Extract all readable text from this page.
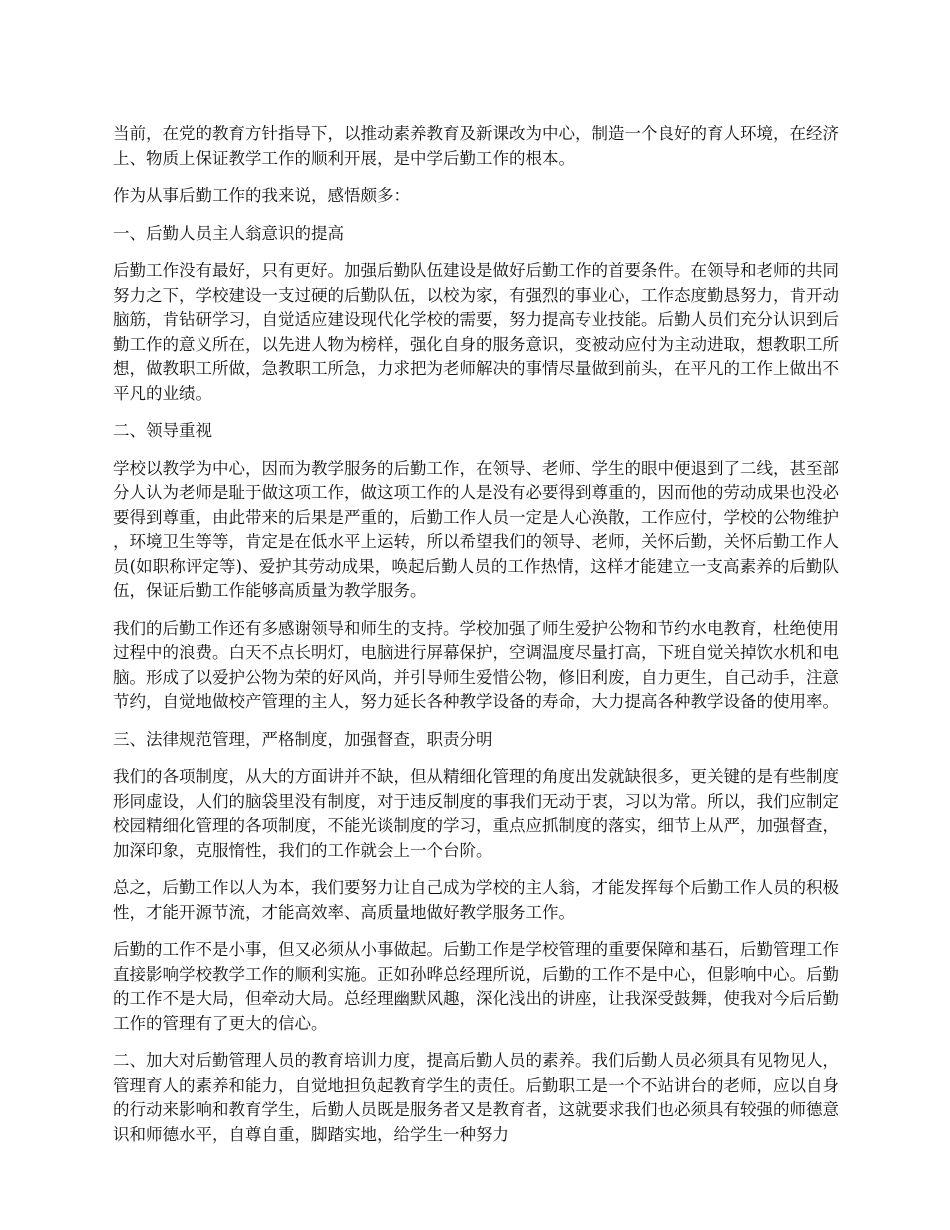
当前，在党的教育方针指导下，以推动素养教育及新课改为中心，制造一个良好的育人环境，在经济上、物质上保证教学工作的顺利开展，是中学后勤工作的根本。

作为从事后勤工作的我来说，感悟颇多：

一、后勤人员主人翁意识的提高

后勤工作没有最好，只有更好。加强后勤队伍建设是做好后勤工作的首要条件。在领导和老师的共同努力之下，学校建设一支过硬的后勤队伍，以校为家，有强烈的事业心，工作态度勤恳努力，肯开动脑筋，肯钻研学习，自觉适应建设现代化学校的需要，努力提高专业技能。后勤人员们充分认识到后勤工作的意义所在，以先进人物为榜样，强化自身的服务意识，变被动应付为主动进取，想教职工所想，做教职工所做，急教职工所急，力求把为老师解决的事情尽量做到前头，在平凡的工作上做出不平凡的业绩。

二、领导重视

学校以教学为中心，因而为教学服务的后勤工作，在领导、老师、学生的眼中便退到了二线，甚至部分人认为老师是耻于做这项工作，做这项工作的人是没有必要得到尊重的，因而他的劳动成果也没必要得到尊重，由此带来的后果是严重的，后勤工作人员一定是人心涣散，工作应付，学校的公物维护，环境卫生等等，肯定是在低水平上运转，所以希望我们的领导、老师，关怀后勤，关怀后勤工作人员(如职称评定等)、爱护其劳动成果，唤起后勤人员的工作热情，这样才能建立一支高素养的后勤队伍，保证后勤工作能够高质量为教学服务。

我们的后勤工作还有多感谢领导和师生的支持。学校加强了师生爱护公物和节约水电教育，杜绝使用过程中的浪费。白天不点长明灯，电脑进行屏幕保护，空调温度尽量打高，下班自觉关掉饮水机和电脑。形成了以爱护公物为荣的好风尚，并引导师生爱惜公物，修旧利废，自力更生，自己动手，注意节约，自觉地做校产管理的主人，努力延长各种教学设备的寿命，大力提高各种教学设备的使用率。

三、法律规范管理，严格制度，加强督查，职责分明

我们的各项制度，从大的方面讲并不缺，但从精细化管理的角度出发就缺很多，更关键的是有些制度形同虚设，人们的脑袋里没有制度，对于违反制度的事我们无动于衷，习以为常。所以，我们应制定校园精细化管理的各项制度，不能光谈制度的学习，重点应抓制度的落实，细节上从严，加强督查，加深印象，克服惰性，我们的工作就会上一个台阶。

总之，后勤工作以人为本，我们要努力让自己成为学校的主人翁，才能发挥每个后勤工作人员的积极性，才能开源节流，才能高效率、高质量地做好教学服务工作。

后勤的工作不是小事，但又必须从小事做起。后勤工作是学校管理的重要保障和基石，后勤管理工作直接影响学校教学工作的顺利实施。正如孙晔总经理所说，后勤的工作不是中心，但影响中心。后勤的工作不是大局，但牵动大局。总经理幽默风趣，深化浅出的讲座，让我深受鼓舞，使我对今后后勤工作的管理有了更大的信心。

二、加大对后勤管理人员的教育培训力度，提高后勤人员的素养。我们后勤人员必须具有见物见人，管理育人的素养和能力，自觉地担负起教育学生的责任。后勤职工是一个不站讲台的老师，应以自身的行动来影响和教育学生，后勤人员既是服务者又是教育者，这就要求我们也必须具有较强的师德意识和师德水平，自尊自重，脚踏实地，给学生一种努力
